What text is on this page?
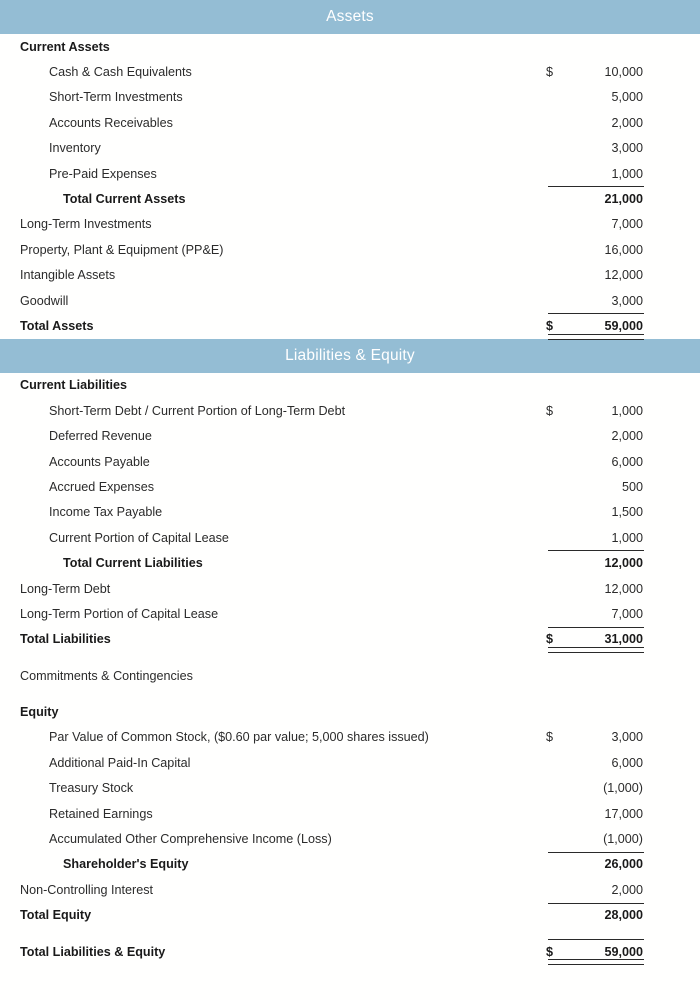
Assets
Current Assets
Cash & Cash Equivalents	$	10,000
Short-Term Investments	5,000
Accounts Receivables	2,000
Inventory	3,000
Pre-Paid Expenses	1,000
Total Current Assets	21,000
Long-Term Investments	7,000
Property, Plant & Equipment (PP&E)	16,000
Intangible Assets	12,000
Goodwill	3,000
Total Assets	$	59,000
Liabilities & Equity
Current Liabilities
Short-Term Debt / Current Portion of Long-Term Debt	$	1,000
Deferred Revenue	2,000
Accounts Payable	6,000
Accrued Expenses	500
Income Tax Payable	1,500
Current Portion of Capital Lease	1,000
Total Current Liabilities	12,000
Long-Term Debt	12,000
Long-Term Portion of Capital Lease	7,000
Total Liabilities	$	31,000
Commitments & Contingencies
Equity
Par Value of Common Stock, ($0.60 par value; 5,000 shares issued)	$	3,000
Additional Paid-In Capital	6,000
Treasury Stock	(1,000)
Retained Earnings	17,000
Accumulated Other Comprehensive Income (Loss)	(1,000)
Shareholder's Equity	26,000
Non-Controlling Interest	2,000
Total Equity	28,000
Total Liabilities & Equity	$	59,000
